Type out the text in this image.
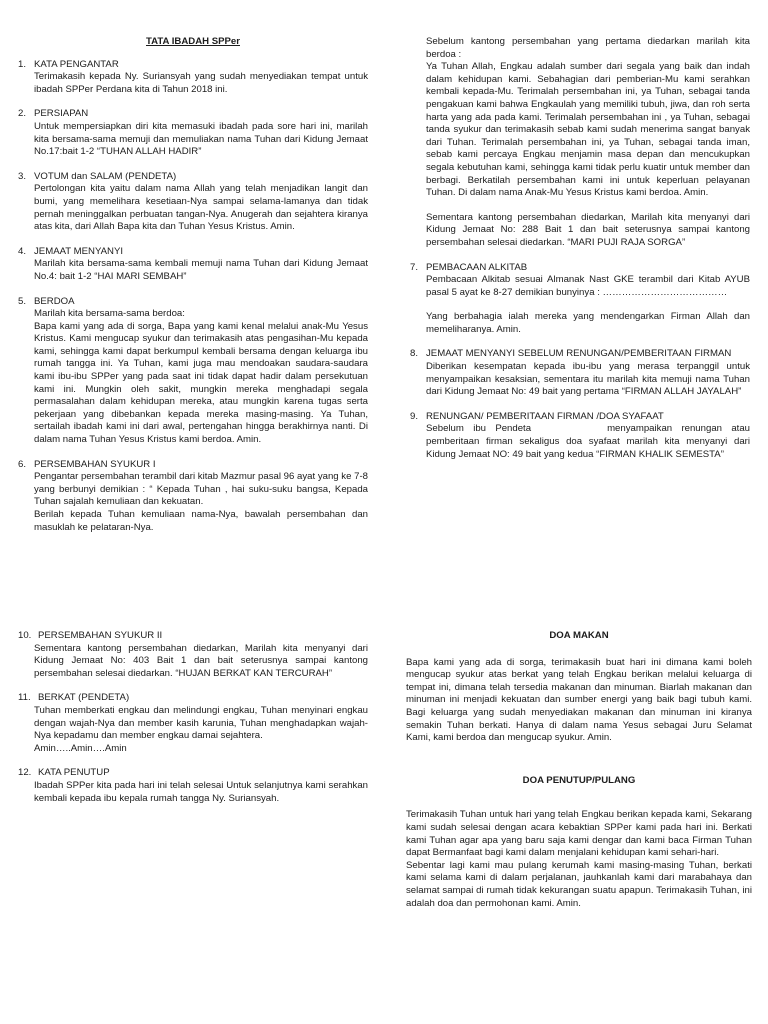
TATA IBADAH SPPer
1. KATA PENGANTAR

Terimakasih kepada Ny. Suriansyah yang sudah menyediakan tempat untuk ibadah SPPer Perdana kita di Tahun 2018 ini.

2. PERSIAPAN

Untuk mempersiapkan diri kita memasuki ibadah pada sore hari ini, marilah kita bersama-sama memuji dan memuliakan nama Tuhan dari Kidung Jemaat No.17:bait 1-2 “TUHAN ALLAH HADIR”

3. VOTUM dan SALAM (PENDETA)

Pertolongan kita yaitu dalam nama Allah yang telah menjadikan langit dan bumi, yang memelihara kesetiaan-Nya sampai selama-lamanya dan tidak pernah meninggalkan perbuatan tangan-Nya. Anugerah dan sejahtera kiranya atas kita, dari Allah Bapa kita dan Tuhan Yesus Kristus. Amin.

4. JEMAAT MENYANYI

Marilah kita bersama-sama kembali memuji nama Tuhan dari Kidung Jemaat No.4: bait 1-2 “HAI MARI SEMBAH”

5. BERDOA

Marilah kita bersama-sama berdoa:

Bapa kami yang ada di sorga, Bapa yang kami kenal melalui anak-Mu Yesus Kristus. Kami mengucap syukur dan terimakasih atas pengasihan-Mu kepada kami, sehingga kami dapat berkumpul kembali bersama dengan keluarga ibu rumah tangga ini. Ya Tuhan, kami juga mau mendoakan saudara-saudara kami ibu-ibu SPPer yang pada saat ini tidak dapat hadir dalam persekutuan kami ini. Mungkin oleh sakit, mungkin mereka menghadapi segala permasalahan dalam kehidupan mereka, atau mungkin karena tugas serta pekerjaan yang dibebankan kepada mereka masing-masing. Ya Tuhan, sertailah ibadah kami ini dari awal, pertengahan hingga berakhirnya nanti. Di dalam nama Tuhan Yesus Kristus kami berdoa. Amin.

6. PERSEMBAHAN SYUKUR I

Pengantar persembahan terambil dari kitab Mazmur pasal 96 ayat yang ke 7-8 yang berbunyi demikian : “ Kepada Tuhan , hai suku-suku bangsa, Kepada Tuhan sajalah kemuliaan dan kekuatan.

Berilah kepada Tuhan kemuliaan nama-Nya, bawalah persembahan dan masuklah ke pelataran-Nya.

Sebelum kantong persembahan yang pertama diedarkan marilah kita berdoa :

Ya Tuhan Allah, Engkau adalah sumber dari segala yang baik dan indah dalam kehidupan kami. Sebahagian dari pemberian-Mu kami serahkan kembali kepada-Mu. Terimalah persembahan ini, ya Tuhan, sebagai tanda pengakuan kami bahwa Engkaulah yang memiliki tubuh, jiwa, dan roh serta harta yang ada pada kami. Terimalah persembahan ini , ya Tuhan, sebagai tanda syukur dan terimakasih sebab kami sudah menerima sangat banyak dari Tuhan. Terimalah persembahan ini, ya Tuhan, sebagai tanda iman, sebab kami percaya Engkau menjamin masa depan dan mencukupkan segala kebutuhan kami, sehingga kami tidak perlu kuatir untuk member dan berbagi. Berkatilah persembahan kami ini untuk keperluan pelayanan Tuhan. Di dalam nama Anak-Mu Yesus Kristus kami berdoa. Amin.

Sementara kantong persembahan diedarkan, Marilah kita menyanyi dari Kidung Jemaat No: 288 Bait 1 dan bait seterusnya sampai kantong persembahan selesai diedarkan. “MARI PUJI RAJA SORGA”

7. PEMBACAAN ALKITAB

Pembacaan Alkitab sesuai Almanak Nast GKE terambil dari Kitab AYUB pasal 5 ayat ke 8-27 demikian bunyinya : …………………………………

Yang berbahagia ialah mereka yang mendengarkan Firman Allah dan memeliharanya. Amin.

8. JEMAAT MENYANYI SEBELUM RENUNGAN/PEMBERITAAN FIRMAN

Diberikan kesempatan kepada ibu-ibu yang merasa terpanggil untuk menyampaikan kesaksian, sementara itu marilah kita memuji nama Tuhan dari Kidung Jemaat No: 49 bait yang pertama “FIRMAN ALLAH JAYALAH”

9. RENUNGAN/ PEMBERITAAN FIRMAN /DOA SYAFAAT

Sebelum ibu Pendeta	menyampaikan renungan atau pemberitaan firman sekaligus doa syafaat marilah kita menyanyi dari Kidung Jemaat NO: 49 bait yang kedua “FIRMAN KHALIK SEMESTA”

10. PERSEMBAHAN SYUKUR II

Sementara kantong persembahan diedarkan, Marilah kita menyanyi dari Kidung Jemaat No: 403 Bait 1 dan bait seterusnya sampai kantong persembahan selesai diedarkan. “HUJAN BERKAT KAN TERCURAH”

11. BERKAT (PENDETA)

Tuhan memberkati engkau dan melindungi engkau, Tuhan menyinari engkau dengan wajah-Nya dan member kasih karunia, Tuhan menghadapkan wajah-Nya kepadamu dan member engkau damai sejahtera.

Amin…..Amin….Amin

12. KATA PENUTUP

Ibadah SPPer kita pada hari ini telah selesai Untuk selanjutnya kami serahkan kembali kepada ibu kepala rumah tangga Ny. Suriansyah.

DOA MAKAN

Bapa kami yang ada di sorga, terimakasih buat hari ini dimana kami boleh mengucap syukur atas berkat yang telah Engkau berikan melalui keluarga di tempat ini, dimana telah tersedia makanan dan minuman. Biarlah makanan dan minuman ini menjadi kekuatan dan sumber energi yang baik bagi tubuh kami. Bagi keluarga yang sudah menyediakan makanan dan minuman ini kiranya semakin Tuhan berkati. Hanya di dalam nama Yesus sebagai Juru Selamat Kami, kami berdoa dan mengucap syukur. Amin.

DOA PENUTUP/PULANG

Terimakasih Tuhan untuk hari yang telah Engkau berikan kepada kami, Sekarang kami sudah selesai dengan acara kebaktian SPPer kami pada hari ini. Berkati kami Tuhan agar apa yang baru saja kami dengar dan kami baca Firman Tuhan dapat Bermanfaat bagi kami dalam menjalani kehidupan kami sehari-hari.

Sebentar lagi kami mau pulang kerumah kami masing-masing Tuhan, berkati kami selama kami di dalam perjalanan, jauhkanlah kami dari marabahaya dan selamat sampai di rumah tidak kekurangan suatu apapun. Terimakasih Tuhan, ini adalah doa dan permohonan kami. Amin.
